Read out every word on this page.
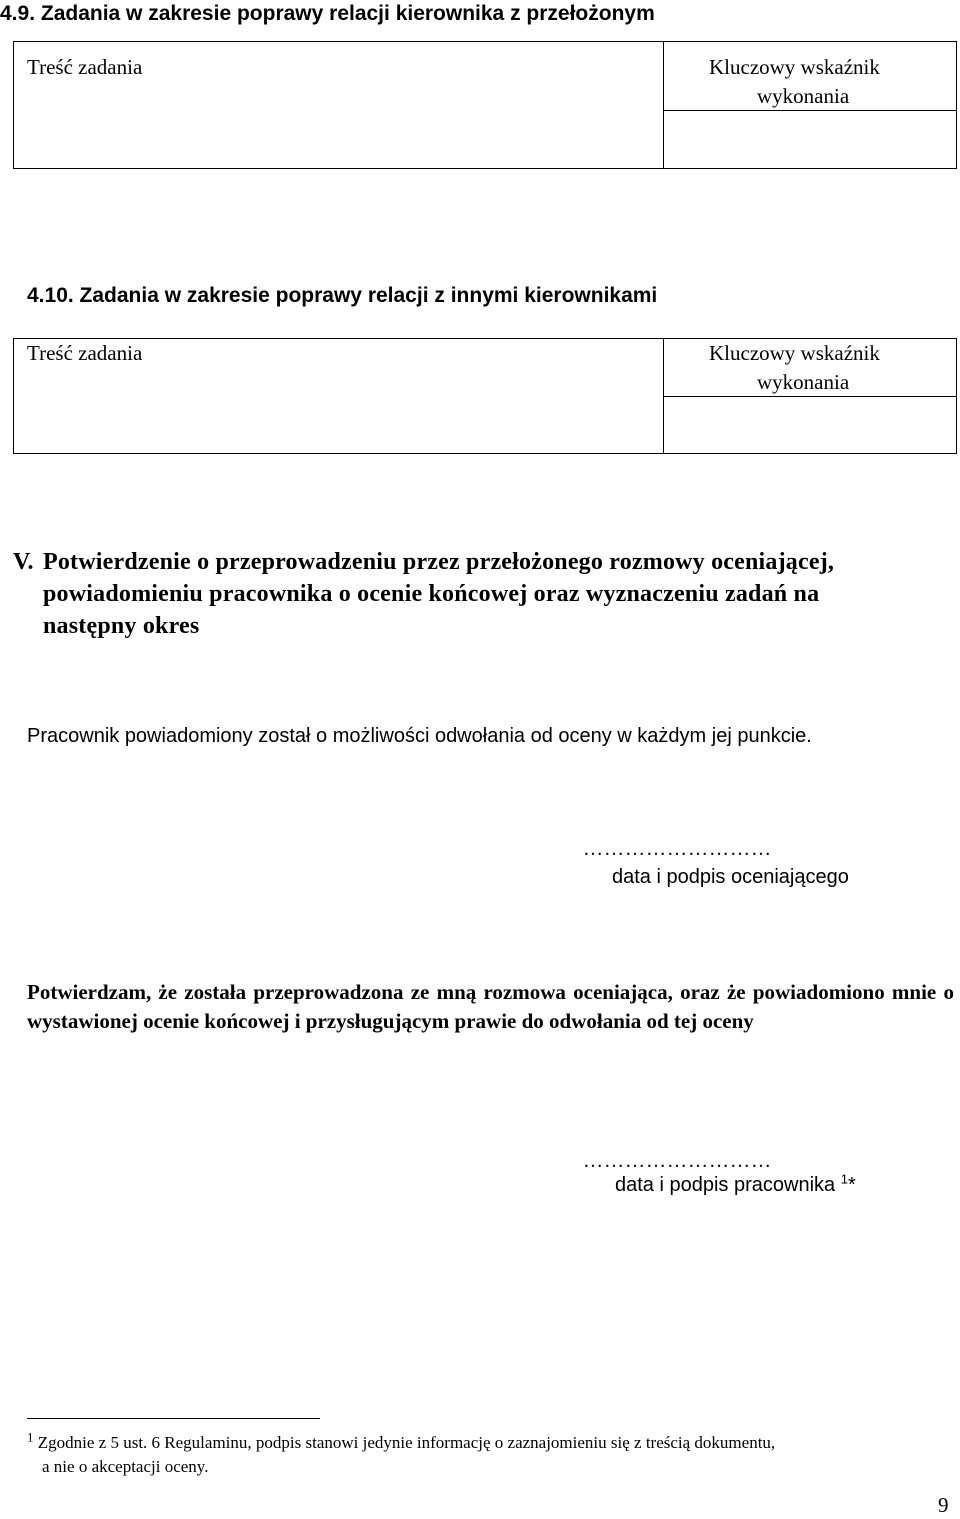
4.9. Zadania w zakresie poprawy relacji kierownika z przełożonym
Treść zadania	Kluczowy wskaźnik
wykonania
4.10. Zadania w zakresie poprawy relacji z innymi kierownikami
Treść zadania	Kluczowy wskaźnik
wykonania
V. Potwierdzenie o przeprowadzeniu przez przełożonego rozmowy oceniającej,
powiadomieniu pracownika o ocenie końcowej oraz wyznaczeniu zadań na
następny okres
Pracownik powiadomiony został o możliwości odwołania od oceny w każdym jej punkcie.
………………………
data i podpis oceniającego
Potwierdzam, że została przeprowadzona ze mną rozmowa oceniająca, oraz że powiadomiono mnie o wystawionej ocenie końcowej i przysługującym prawie do odwołania od tej oceny
………………………
data i podpis pracownika $^1$*
$^1$ Zgodnie z 5 ust. 6 Regulaminu, podpis stanowi jedynie informację o zaznajomieniu się z treścią dokumentu,
a nie o akceptacji oceny.
9
